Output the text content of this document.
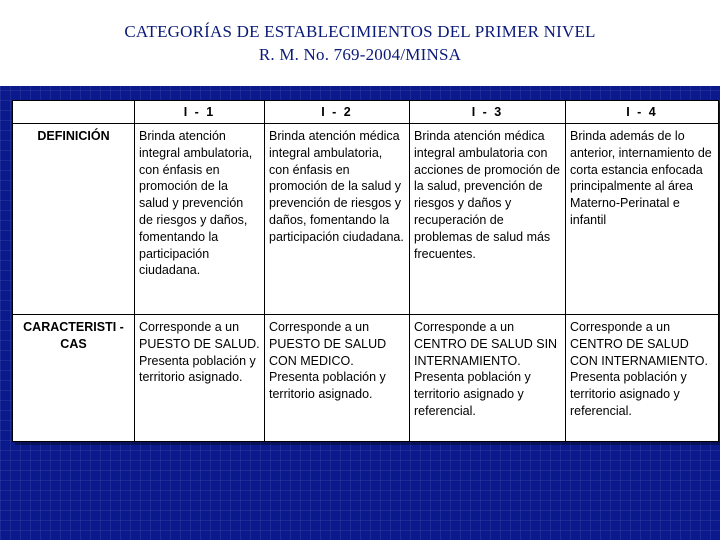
CATEGORÍAS DE ESTABLECIMIENTOS DEL PRIMER NIVEL
R. M. No. 769-2004/MINSA
	I - 1	I - 2	I - 3	I - 4
DEFINICIÓN	Brinda atención integral ambulatoria, con énfasis en promoción de la salud y prevención de riesgos y daños, fomentando la participación ciudadana.	Brinda atención médica integral ambulatoria, con énfasis en promoción de la salud y prevención de riesgos y daños, fomentando la participación ciudadana.	Brinda atención médica integral ambulatoria con acciones de promoción de la salud, prevención de riesgos y daños y recuperación de problemas de salud más frecuentes.	Brinda además de lo anterior, internamiento de corta estancia enfocada principalmente al área Materno-Perinatal e infantil
CARACTERISTI -CAS	Corresponde a un PUESTO DE SALUD. Presenta población y territorio asignado.	Corresponde a un PUESTO DE SALUD CON MEDICO. Presenta población y territorio asignado.	Corresponde a un CENTRO DE SALUD SIN INTERNAMIENTO. Presenta población y territorio asignado y referencial.	Corresponde a un CENTRO DE SALUD CON INTERNAMIENTO. Presenta población y territorio asignado y referencial.
